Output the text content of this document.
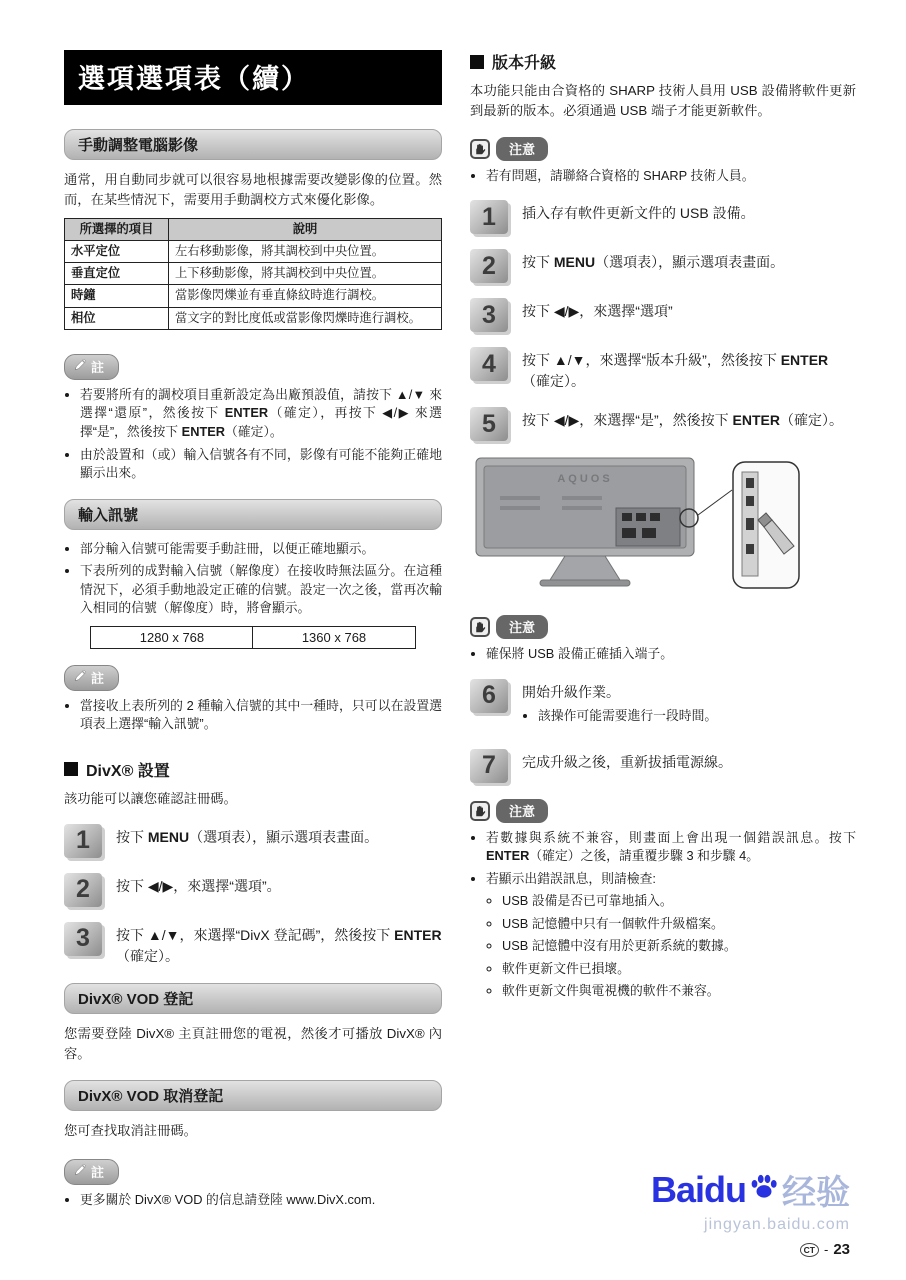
選項選項表（續）
手動調整電腦影像

通常，用自動同步就可以很容易地根據需要改變影像的位置。然而，在某些情況下，需要用手動調校方式來優化影像。

所選擇的項目	說明
水平定位	左右移動影像，將其調校到中央位置。
垂直定位	上下移動影像，將其調校到中央位置。
時鐘	當影像閃爍並有垂直條紋時進行調校。
相位	當文字的對比度低或當影像閃爍時進行調校。
註
• 若要將所有的調校項目重新設定為出廠預設值，請按下 ▲/▼ 來選擇“還原”，然後按下 ENTER（確定），再按下 ◀/▶ 來選擇“是”，然後按下 ENTER（確定）。
• 由於設置和（或）輸入信號各有不同，影像有可能不能夠正確地顯示出來。
輸入訊號
• 部分輸入信號可能需要手動註冊，以便正確地顯示。
• 下表所列的成對輸入信號（解像度）在接收時無法區分。在這種情況下，必須手動地設定正確的信號。設定一次之後，當再次輸入相同的信號（解像度）時，將會顯示。
1280 x 768	1360 x 768
註
• 當接收上表所列的 2 種輸入信號的其中一種時，只可以在設置選項表上選擇“輸入訊號”。
DivX® 設置

該功能可以讓您確認註冊碼。

1	按下 MENU（選項表），顯示選項表畫面。
2	按下 ◀/▶，來選擇“選項”。
3	按下 ▲/▼，來選擇“DivX 登記碼”，然後按下 ENTER（確定）。
DivX® VOD 登記

您需要登陸 DivX® 主頁註冊您的電視，然後才可播放 DivX® 內容。

DivX® VOD 取消登記

您可查找取消註冊碼。

註
• 更多關於 DivX® VOD 的信息請登陸 www.DivX.com.
版本升級

本功能只能由合資格的 SHARP 技術人員用 USB 設備將軟件更新到最新的版本。必須通過 USB 端子才能更新軟件。

注意
• 若有問題，請聯絡合資格的 SHARP 技術人員。
1	插入存有軟件更新文件的 USB 設備。
2	按下 MENU（選項表），顯示選項表畫面。
3	按下 ◀/▶，來選擇“選項”
4	按下 ▲/▼，來選擇“版本升級”，然後按下 ENTER（確定）。
5	按下 ◀/▶，來選擇“是”，然後按下 ENTER（確定）。
AQUOS
注意
• 確保將 USB 設備正確插入端子。
6	開始升級作業。
• 該操作可能需要進行一段時間。
7	完成升級之後，重新拔插電源線。
注意
• 若數據與系統不兼容，則畫面上會出現一個錯誤訊息。按下 ENTER（確定）之後，請重覆步驟 3 和步驟 4。
• 若顯示出錯誤訊息，則請檢查:
◦ USB 設備是否已可靠地插入。
◦ USB 記憶體中只有一個軟件升級檔案。
◦ USB 記憶體中沒有用於更新系統的數據。
◦ 軟件更新文件已損壞。
◦ 軟件更新文件與電視機的軟件不兼容。
Baidu 经验
jingyan.baidu.com
CT - 23
